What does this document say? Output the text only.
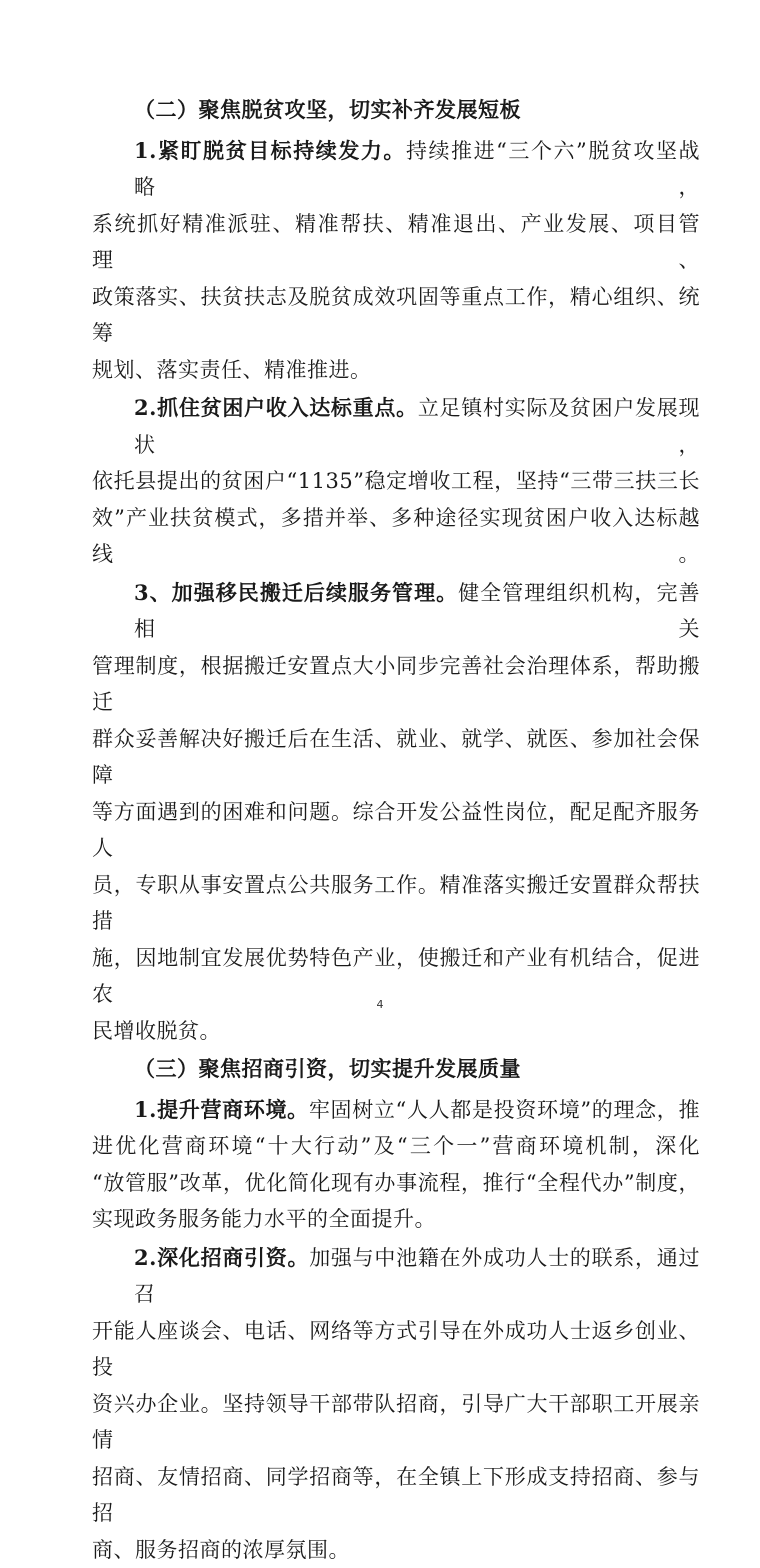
（二）聚焦脱贫攻坚，切实补齐发展短板
1.紧盯脱贫目标持续发力。持续推进“三个六”脱贫攻坚战略，
系统抓好精准派驻、精准帮扶、精准退出、产业发展、项目管理、
政策落实、扶贫扶志及脱贫成效巩固等重点工作，精心组织、统筹
规划、落实责任、精准推进。
2.抓住贫困户收入达标重点。立足镇村实际及贫困户发展现状，
依托县提出的贫困户“1135”稳定增收工程，坚持“三带三扶三长
效”产业扶贫模式，多措并举、多种途径实现贫困户收入达标越线。
3、加强移民搬迁后续服务管理。健全管理组织机构，完善相关
管理制度，根据搬迁安置点大小同步完善社会治理体系，帮助搬迁
群众妥善解决好搬迁后在生活、就业、就学、就医、参加社会保障
等方面遇到的困难和问题。综合开发公益性岗位，配足配齐服务人
员，专职从事安置点公共服务工作。精准落实搬迁安置群众帮扶措
施，因地制宜发展优势特色产业，使搬迁和产业有机结合，促进农
民增收脱贫。
（三）聚焦招商引资，切实提升发展质量
1.提升营商环境。牢固树立“人人都是投资环境”的理念，推
进优化营商环境“十大行动”及“三个一”营商环境机制，深化
“放管服”改革，优化简化现有办事流程，推行“全程代办”制度，
实现政务服务能力水平的全面提升。
2.深化招商引资。加强与中池籍在外成功人士的联系，通过召
开能人座谈会、电话、网络等方式引导在外成功人士返乡创业、投
资兴办企业。坚持领导干部带队招商，引导广大干部职工开展亲情
招商、友情招商、同学招商等，在全镇上下形成支持招商、参与招
商、服务招商的浓厚氛围。
4
